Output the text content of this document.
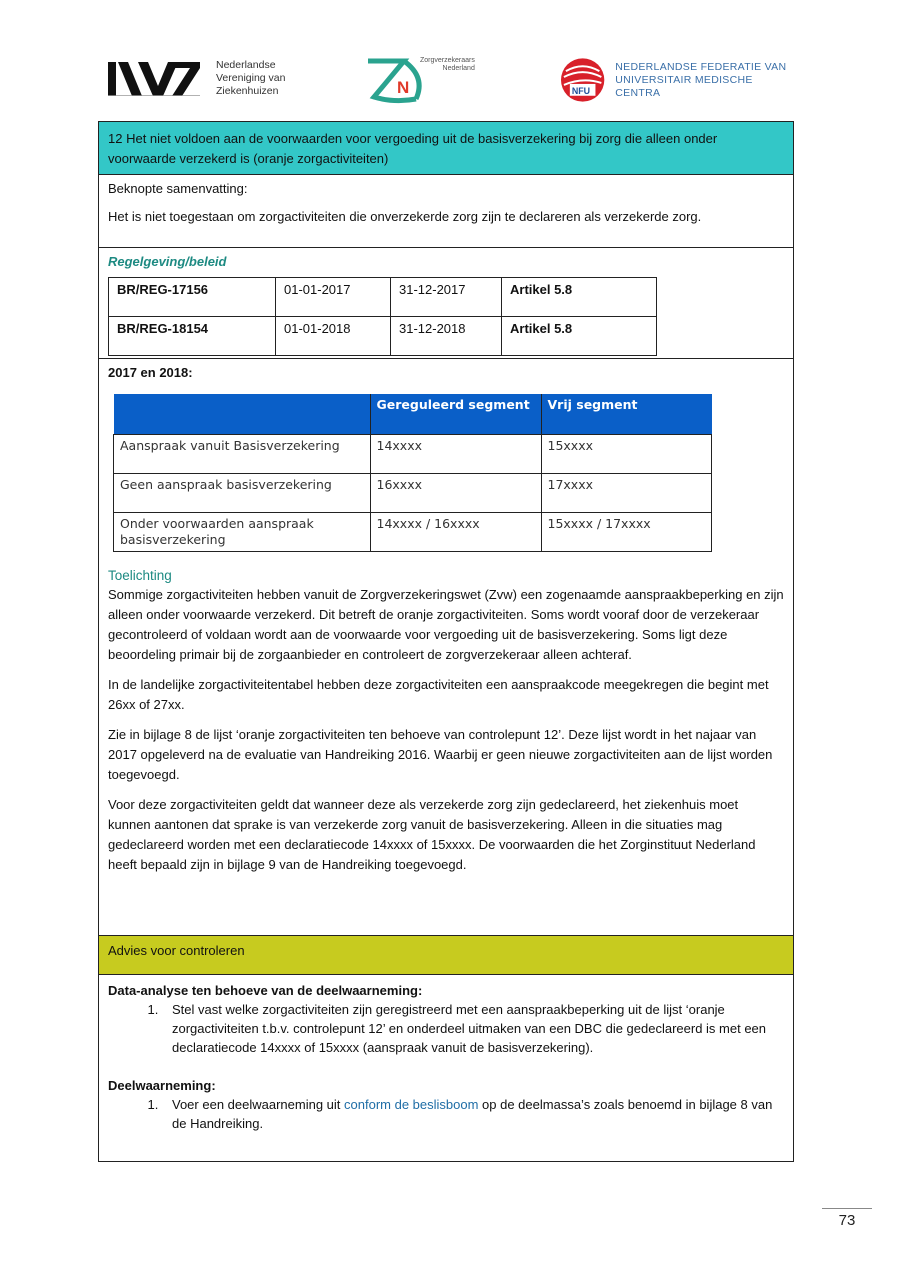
Nederlandse
Vereniging van
Ziekenhuizen	N
Zorgverzekeraars
Nederland
NFU
NEDERLANDSE FEDERATIE VAN
UNIVERSITAIR MEDISCHE CENTRA
12 Het niet voldoen aan de voorwaarden voor vergoeding uit de basisverzekering bij zorg die alleen onder voorwaarde verzekerd is (oranje zorgactiviteiten)

Beknopte samenvatting:

Het is niet toegestaan om zorgactiviteiten die onverzekerde zorg zijn te declareren als verzekerde zorg.

Regelgeving/beleid

BR/REG-17156	01-01-2017	31-12-2017	Artikel 5.8
BR/REG-18154	01-01-2018	31-12-2018	Artikel 5.8

2017 en 2018:

	Gereguleerd segment	Vrij segment
Aanspraak vanuit Basisverzekering	14xxxx	15xxxx
Geen aanspraak basisverzekering	16xxxx	17xxxx
Onder voorwaarden aanspraak basisverzekering	14xxxx / 16xxxx	15xxxx / 17xxxx

Toelichting

Sommige zorgactiviteiten hebben vanuit de Zorgverzekeringswet (Zvw) een zogenaamde aanspraakbeperking en zijn alleen onder voorwaarde verzekerd. Dit betreft de oranje zorgactiviteiten. Soms wordt vooraf door de verzekeraar gecontroleerd of voldaan wordt aan de voorwaarde voor vergoeding uit de basisverzekering. Soms ligt deze beoordeling primair bij de zorgaanbieder en controleert de zorgverzekeraar alleen achteraf.

In de landelijke zorgactiviteitentabel hebben deze zorgactiviteiten een aanspraakcode meegekregen die begint met 26xx of 27xx.

Zie in bijlage 8 de lijst ‘oranje zorgactiviteiten ten behoeve van controlepunt 12’. Deze lijst wordt in het najaar van 2017 opgeleverd na de evaluatie van Handreiking 2016. Waarbij er geen nieuwe zorgactiviteiten aan de lijst worden toegevoegd.

Voor deze zorgactiviteiten geldt dat wanneer deze als verzekerde zorg zijn gedeclareerd, het ziekenhuis moet kunnen aantonen dat sprake is van verzekerde zorg vanuit de basisverzekering. Alleen in die situaties mag gedeclareerd worden met een declaratiecode 14xxxx of 15xxxx. De voorwaarden die het Zorginstituut Nederland heeft bepaald zijn in bijlage 9 van de Handreiking toegevoegd.

Advies voor controleren
Data-analyse ten behoeve van de deelwaarneming:
1. Stel vast welke zorgactiviteiten zijn geregistreerd met een aanspraakbeperking uit de lijst ‘oranje zorgactiviteiten t.b.v. controlepunt 12’ en onderdeel uitmaken van een DBC die gedeclareerd is met een declaratiecode 14xxxx of 15xxxx (aanspraak vanuit de basisverzekering).
Deelwaarneming:
1. Voer een deelwaarneming uit conform de beslisboom op de deelmassa’s zoals benoemd in bijlage 8 van de Handreiking.
73
